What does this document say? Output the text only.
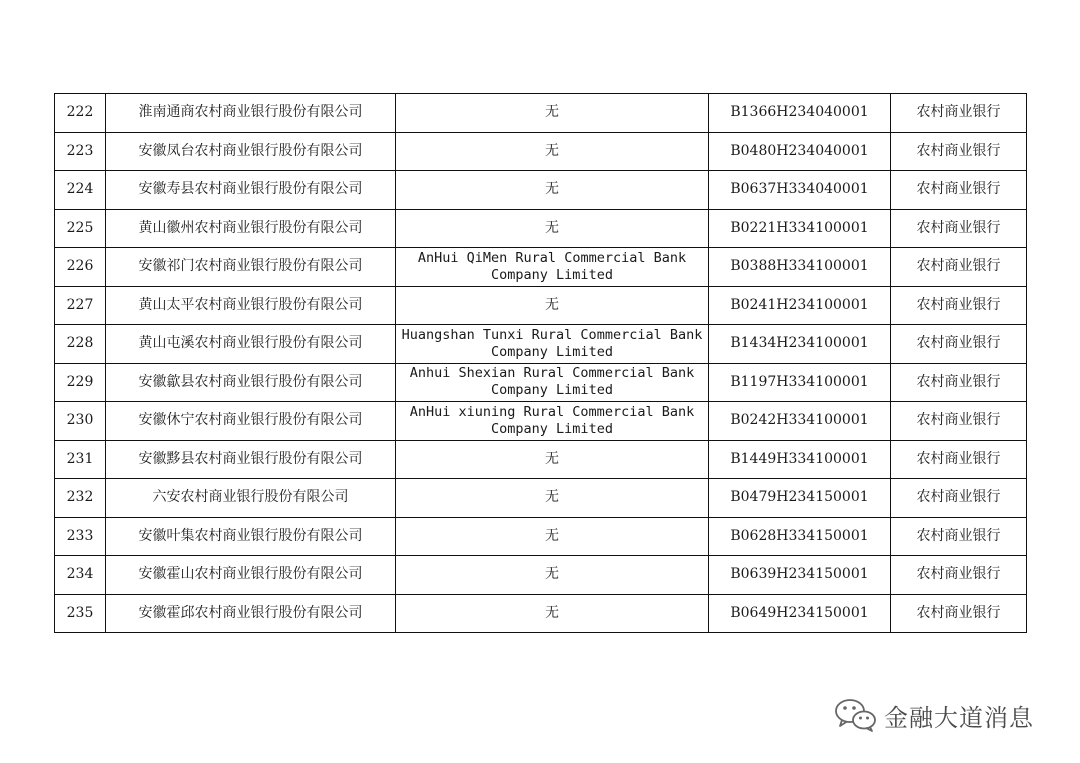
222	淮南通商农村商业银行股份有限公司	无	B1366H234040001	农村商业银行
223	安徽凤台农村商业银行股份有限公司	无	B0480H234040001	农村商业银行
224	安徽寿县农村商业银行股份有限公司	无	B0637H334040001	农村商业银行
225	黄山徽州农村商业银行股份有限公司	无	B0221H334100001	农村商业银行
226	安徽祁门农村商业银行股份有限公司	AnHui QiMen Rural Commercial Bank
Company Limited	B0388H334100001	农村商业银行
227	黄山太平农村商业银行股份有限公司	无	B0241H234100001	农村商业银行
228	黄山屯溪农村商业银行股份有限公司	Huangshan Tunxi Rural Commercial Bank
Company Limited	B1434H234100001	农村商业银行
229	安徽歙县农村商业银行股份有限公司	Anhui Shexian Rural Commercial Bank
Company Limited	B1197H334100001	农村商业银行
230	安徽休宁农村商业银行股份有限公司	AnHui xiuning Rural Commercial Bank
Company Limited	B0242H334100001	农村商业银行
231	安徽黟县农村商业银行股份有限公司	无	B1449H334100001	农村商业银行
232	六安农村商业银行股份有限公司	无	B0479H234150001	农村商业银行
233	安徽叶集农村商业银行股份有限公司	无	B0628H334150001	农村商业银行
234	安徽霍山农村商业银行股份有限公司	无	B0639H234150001	农村商业银行
235	安徽霍邱农村商业银行股份有限公司	无	B0649H234150001	农村商业银行
金融大道消息
